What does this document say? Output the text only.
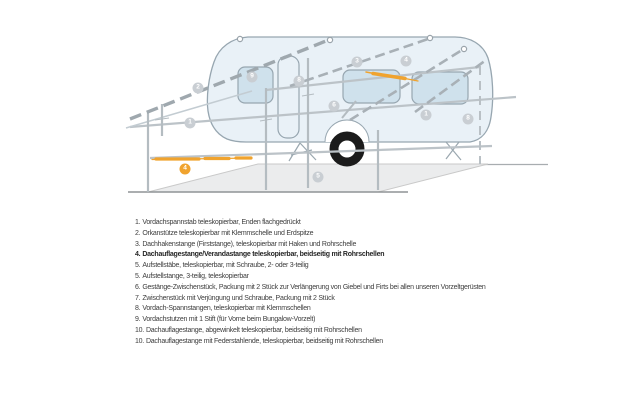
2
1
9
8
3	4
6
1
8
5
4
1. Vordachspannstab teleskopierbar, Enden flachgedrückt
2. Orkanstütze teleskopierbar mit Klemmschelle und Erdspitze
3. Dachhakenstange (Firststange), teleskopierbar mit Haken und Rohrschelle
4. Dachauflagestange/Verandastange teleskopierbar, beidseitig mit Rohrschellen
5. Aufstellstäbe, teleskopierbar, mit Schraube, 2- oder 3-teilig
5. Aufstellstange, 3-teilig, teleskopierbar
6. Gestänge-Zwischenstück, Packung mit 2 Stück zur Verlängerung von Giebel und Firts bei allen unseren Vorzeltgerüsten
7. Zwischenstück mit Verjüngung und Schraube, Packung mit 2 Stück
8. Vordach-Spannstangen, teleskopierbar mit Klemmschellen
9. Vordachstutzen mit 1 Stift (für Vorne beim Bungalow-Vorzelt)
10. Dachauflagestange, abgewinkelt teleskopierbar, beidseitig mit Rohrschellen
10. Dachauflagestange mit Federstahlende, teleskopierbar, beidseitig mit Rohrschellen
